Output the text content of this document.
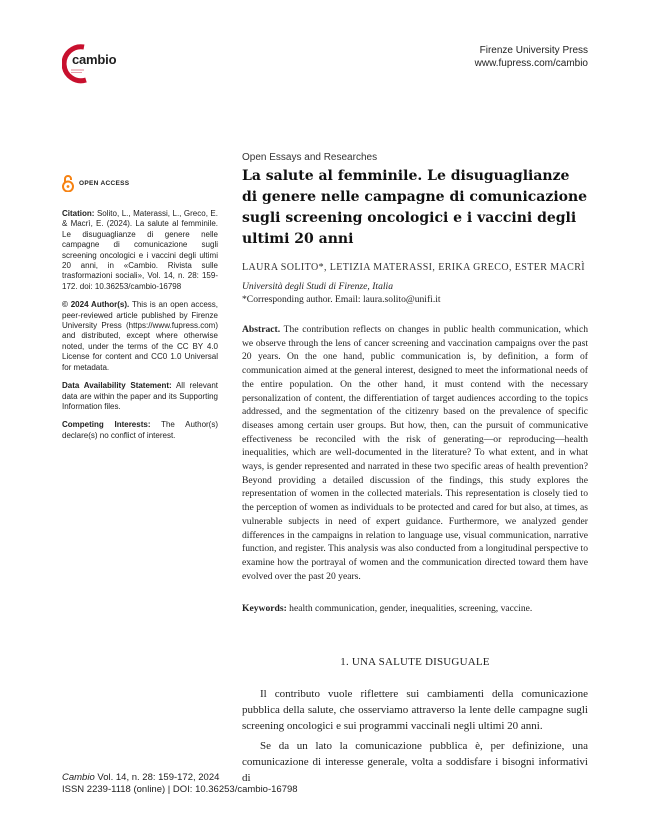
cambio
Firenze University Press
www.fupress.com/cambio
OPEN ACCESS

Citation: Solito, L., Materassi, L., Greco, E. & Macrì, E. (2024). La salute al femminile. Le disuguaglianze di genere nelle campagne di comunicazione sugli screening oncologici e i vaccini degli ultimi 20 anni, in «Cambio. Rivista sulle trasformazioni sociali», Vol. 14, n. 28: 159-172. doi: 10.36253/cambio-16798

© 2024 Author(s). This is an open access, peer-reviewed article published by Firenze University Press (https://www.fupress.com) and distributed, except where otherwise noted, under the terms of the CC BY 4.0 License for content and CC0 1.0 Universal for metadata.

Data Availability Statement: All relevant data are within the paper and its Supporting Information files.

Competing Interests: The Author(s) declare(s) no conflict of interest.

Open Essays and Researches
La salute al femminile. Le disuguaglianze di genere nelle campagne di comunicazione sugli screening oncologici e i vaccini degli ultimi 20 anni
LAURA SOLITO*, LETIZIA MATERASSI, ERIKA GRECO, ESTER MACRÌ
Università degli Studi di Firenze, Italia
*Corresponding author. Email: laura.solito@unifi.it
Abstract. The contribution reflects on changes in public health communication, which we observe through the lens of cancer screening and vaccination campaigns over the past 20 years. On the one hand, public communication is, by definition, a form of communication aimed at the general interest, designed to meet the informational needs of the entire population. On the other hand, it must contend with the necessary personalization of content, the differentiation of target audiences according to the topics addressed, and the segmentation of the citizenry based on the prevalence of specific diseases among certain user groups. But how, then, can the pursuit of communicative effectiveness be reconciled with the risk of generating—or reproducing—health inequalities, which are well-documented in the literature? To what extent, and in what ways, is gender represented and narrated in these two specific areas of health prevention? Beyond providing a detailed discussion of the findings, this study explores the representation of women in the collected materials. This representation is closely tied to the perception of women as individuals to be protected and cared for but also, at times, as vulnerable subjects in need of expert guidance. Furthermore, we analyzed gender differences in the campaigns in relation to language use, visual communication, narrative function, and register. This analysis was also conducted from a longitudinal perspective to examine how the portrayal of women and the communication directed toward them have evolved over the past 20 years.
Keywords: health communication, gender, inequalities, screening, vaccine.
1. UNA SALUTE DISUGUALE

Il contributo vuole riflettere sui cambiamenti della comunicazione pubblica della salute, che osserviamo attraverso la lente delle campagne sugli screening oncologici e sui programmi vaccinali negli ultimi 20 anni.

Se da un lato la comunicazione pubblica è, per definizione, una comunicazione di interesse generale, volta a soddisfare i bisogni informativi di

Cambio Vol. 14, n. 28: 159-172, 2024
ISSN 2239-1118 (online) | DOI: 10.36253/cambio-16798
